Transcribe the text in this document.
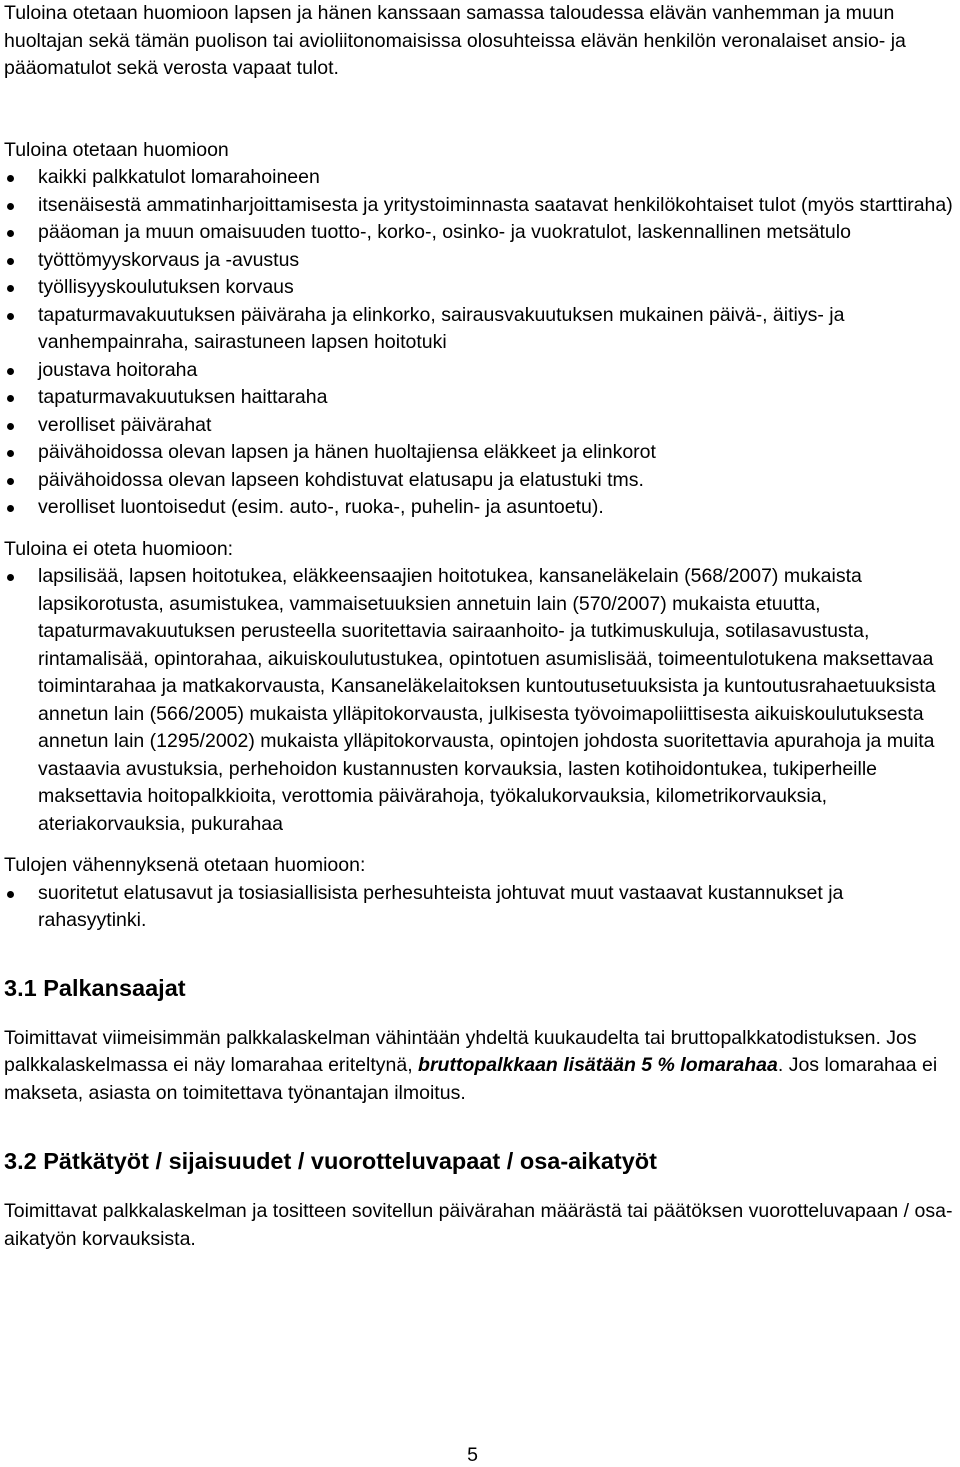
Tuloina otetaan huomioon lapsen ja hänen kanssaan samassa taloudessa elävän vanhemman ja muun huoltajan sekä tämän puolison tai avioliitonomaisissa olosuhteissa elävän henkilön veronalaiset ansio- ja pääomatulot sekä verosta vapaat tulot.

Tuloina otetaan huomioon

kaikki palkkatulot lomarahoineen
itsenäisestä ammatinharjoittamisesta ja yritystoiminnasta saatavat henkilökohtaiset tulot (myös starttiraha)
pääoman ja muun omaisuuden tuotto-, korko-, osinko- ja vuokratulot, laskennallinen metsätulo
työttömyyskorvaus ja -avustus
työllisyyskoulutuksen korvaus
tapaturmavakuutuksen päiväraha ja elinkorko, sairausvakuutuksen mukainen päivä-, äitiys- ja vanhempainraha, sairastuneen lapsen hoitotuki
joustava hoitoraha
tapaturmavakuutuksen haittaraha
verolliset päivärahat
päivähoidossa olevan lapsen ja hänen huoltajiensa eläkkeet ja elinkorot
päivähoidossa olevan lapseen kohdistuvat elatusapu ja elatustuki tms.
verolliset luontoisedut (esim. auto-, ruoka-, puhelin- ja asuntoetu).

Tuloina ei oteta huomioon:

lapsilisää, lapsen hoitotukea, eläkkeensaajien hoitotukea, kansaneläkelain (568/2007) mukaista lapsikorotusta, asumistukea, vammaisetuuksien annetuin lain (570/2007) mukaista etuutta, tapaturmavakuutuksen perusteella suoritettavia sairaanhoito- ja tutkimuskuluja, sotilasavustusta, rintamalisää, opintorahaa, aikuiskoulutustukea, opintotuen asumislisää, toimeentulotukena maksettavaa toimintarahaa ja matkakorvausta, Kansaneläkelaitoksen kuntoutusetuuksista ja kuntoutusrahaetuuksista annetun lain (566/2005) mukaista ylläpitokorvausta, julkisesta työvoimapoliittisesta aikuiskoulutuksesta annetun lain (1295/2002) mukaista ylläpitokorvausta, opintojen johdosta suoritettavia apurahoja ja muita vastaavia avustuksia, perhehoidon kustannusten korvauksia, lasten kotihoidontukea, tukiperheille maksettavia hoitopalkkioita, verottomia päivärahoja, työkalukorvauksia, kilometrikorvauksia, ateriakorvauksia, pukurahaa

Tulojen vähennyksenä otetaan huomioon:

suoritetut elatusavut ja tosiasiallisista perhesuhteista johtuvat muut vastaavat kustannukset ja rahasyytinki.
3.1 Palkansaajat

Toimittavat viimeisimmän palkkalaskelman vähintään yhdeltä kuukaudelta tai bruttopalkkatodistuksen. Jos palkkalaskelmassa ei näy lomarahaa eriteltynä, bruttopalkkaan lisätään 5 % lomarahaa. Jos lomarahaa ei makseta, asiasta on toimitettava työnantajan ilmoitus.

3.2 Pätkätyöt / sijaisuudet / vuorotteluvapaat / osa-aikatyöt

Toimittavat palkkalaskelman ja tositteen sovitellun päivärahan määrästä tai päätöksen vuorotteluvapaan / osa-aikatyön korvauksista.

5
